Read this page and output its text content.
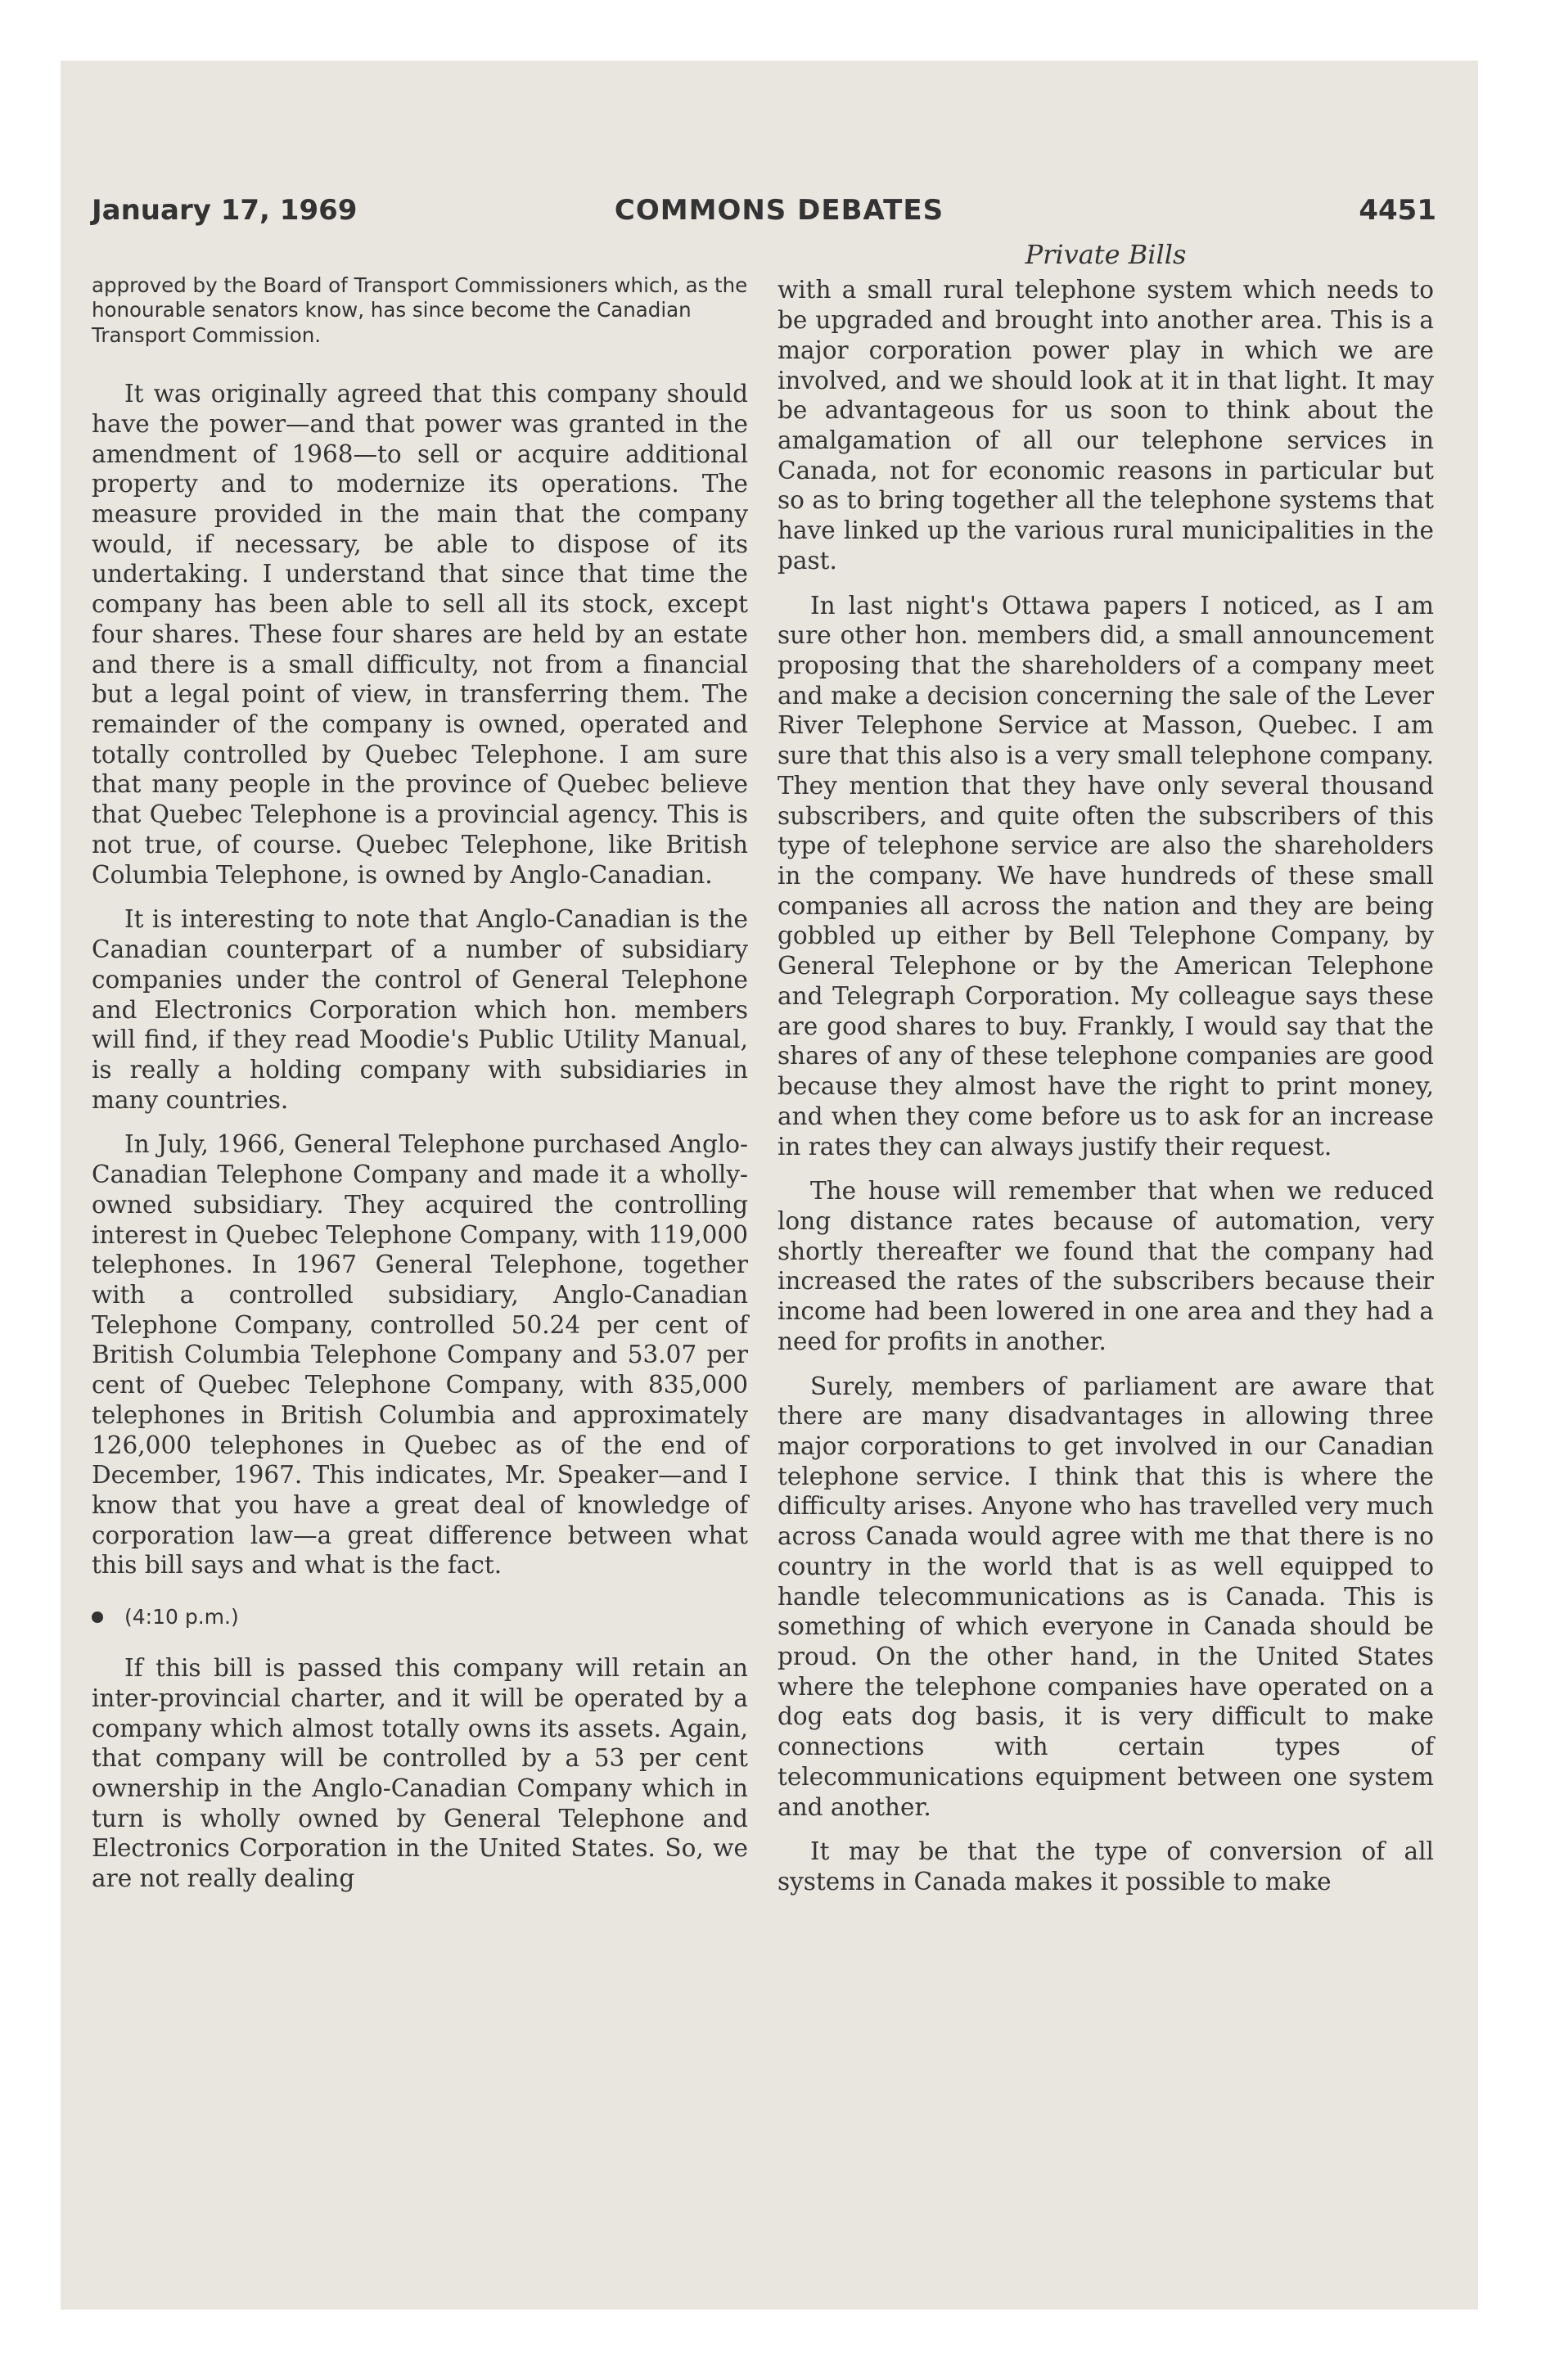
January 17, 1969	COMMONS DEBATES	4451

approved by the Board of Transport Commissioners which, as the honourable senators know, has since become the Canadian Transport Commission.

It was originally agreed that this company should have the power—and that power was granted in the amendment of 1968—to sell or acquire additional property and to modernize its operations. The measure provided in the main that the company would, if necessary, be able to dispose of its undertaking. I understand that since that time the company has been able to sell all its stock, except four shares. These four shares are held by an estate and there is a small difficulty, not from a financial but a legal point of view, in transferring them. The remainder of the company is owned, operated and totally controlled by Quebec Telephone. I am sure that many people in the province of Quebec believe that Quebec Telephone is a provincial agency. This is not true, of course. Quebec Telephone, like British Columbia Telephone, is owned by Anglo-Canadian.

It is interesting to note that Anglo-Canadian is the Canadian counterpart of a number of subsidiary companies under the control of General Telephone and Electronics Corporation which hon. members will find, if they read Moodie's Public Utility Manual, is really a holding company with subsidiaries in many countries.

In July, 1966, General Telephone purchased Anglo-Canadian Telephone Company and made it a wholly-owned subsidiary. They acquired the controlling interest in Quebec Telephone Company, with 119,000 telephones. In 1967 General Telephone, together with a controlled subsidiary, Anglo-Canadian Telephone Company, controlled 50.24 per cent of British Columbia Telephone Company and 53.07 per cent of Quebec Telephone Company, with 835,000 telephones in British Columbia and approximately 126,000 telephones in Quebec as of the end of December, 1967. This indicates, Mr. Speaker—and I know that you have a great deal of knowledge of corporation law—a great difference between what this bill says and what is the fact.

(4:10 p.m.)

If this bill is passed this company will retain an inter-provincial charter, and it will be operated by a company which almost totally owns its assets. Again, that company will be controlled by a 53 per cent ownership in the Anglo-Canadian Company which in turn is wholly owned by General Telephone and Electronics Corporation in the United States. So, we are not really dealing

Private Bills

with a small rural telephone system which needs to be upgraded and brought into another area. This is a major corporation power play in which we are involved, and we should look at it in that light. It may be advantageous for us soon to think about the amalgamation of all our telephone services in Canada, not for economic reasons in particular but so as to bring together all the telephone systems that have linked up the various rural municipalities in the past.

In last night's Ottawa papers I noticed, as I am sure other hon. members did, a small announcement proposing that the shareholders of a company meet and make a decision concerning the sale of the Lever River Telephone Service at Masson, Quebec. I am sure that this also is a very small telephone company. They mention that they have only several thousand subscribers, and quite often the subscribers of this type of telephone service are also the shareholders in the company. We have hundreds of these small companies all across the nation and they are being gobbled up either by Bell Telephone Company, by General Telephone or by the American Telephone and Telegraph Corporation. My colleague says these are good shares to buy. Frankly, I would say that the shares of any of these telephone companies are good because they almost have the right to print money, and when they come before us to ask for an increase in rates they can always justify their request.

The house will remember that when we reduced long distance rates because of automation, very shortly thereafter we found that the company had increased the rates of the subscribers because their income had been lowered in one area and they had a need for profits in another.

Surely, members of parliament are aware that there are many disadvantages in allowing three major corporations to get involved in our Canadian telephone service. I think that this is where the difficulty arises. Anyone who has travelled very much across Canada would agree with me that there is no country in the world that is as well equipped to handle telecommunications as is Canada. This is something of which everyone in Canada should be proud. On the other hand, in the United States where the telephone companies have operated on a dog eats dog basis, it is very difficult to make connections with certain types of telecommunications equipment between one system and another.

It may be that the type of conversion of all systems in Canada makes it possible to make
